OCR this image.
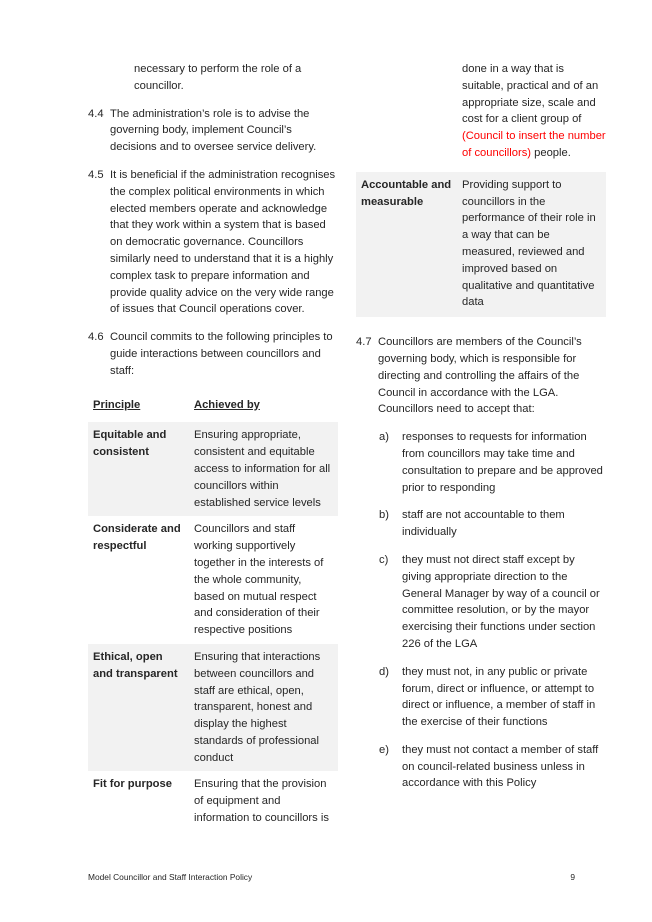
necessary to perform the role of a councillor.

4.4 The administration’s role is to advise the governing body, implement Council’s decisions and to oversee service delivery.

4.5 It is beneficial if the administration recognises the complex political environments in which elected members operate and acknowledge that they work within a system that is based on democratic governance. Councillors similarly need to understand that it is a highly complex task to prepare information and provide quality advice on the very wide range of issues that Council operations cover.

4.6 Council commits to the following principles to guide interactions between councillors and staff:

Principle	Achieved by
Equitable and consistent	Ensuring appropriate, consistent and equitable access to information for all councillors within established service levels
Considerate and respectful	Councillors and staff working supportively together in the interests of the whole community, based on mutual respect and consideration of their respective positions
Ethical, open and transparent	Ensuring that interactions between councillors and staff are ethical, open, transparent, honest and display the highest standards of professional conduct
Fit for purpose	Ensuring that the provision of equipment and information to councillors is

done in a way that is suitable, practical and of an appropriate size, scale and cost for a client group of (Council to insert the number of councillors) people.

Accountable and measurable	Providing support to councillors in the performance of their role in a way that can be measured, reviewed and improved based on qualitative and quantitative data
4.7 Councillors are members of the Council’s governing body, which is responsible for directing and controlling the affairs of the Council in accordance with the LGA. Councillors need to accept that:

a) responses to requests for information from councillors may take time and consultation to prepare and be approved prior to responding

b) staff are not accountable to them individually

c) they must not direct staff except by giving appropriate direction to the General Manager by way of a council or committee resolution, or by the mayor exercising their functions under section 226 of the LGA

d) they must not, in any public or private forum, direct or influence, or attempt to direct or influence, a member of staff in the exercise of their functions

e) they must not contact a member of staff on council-related business unless in accordance with this Policy

Model Councillor and Staff Interaction Policy	9
